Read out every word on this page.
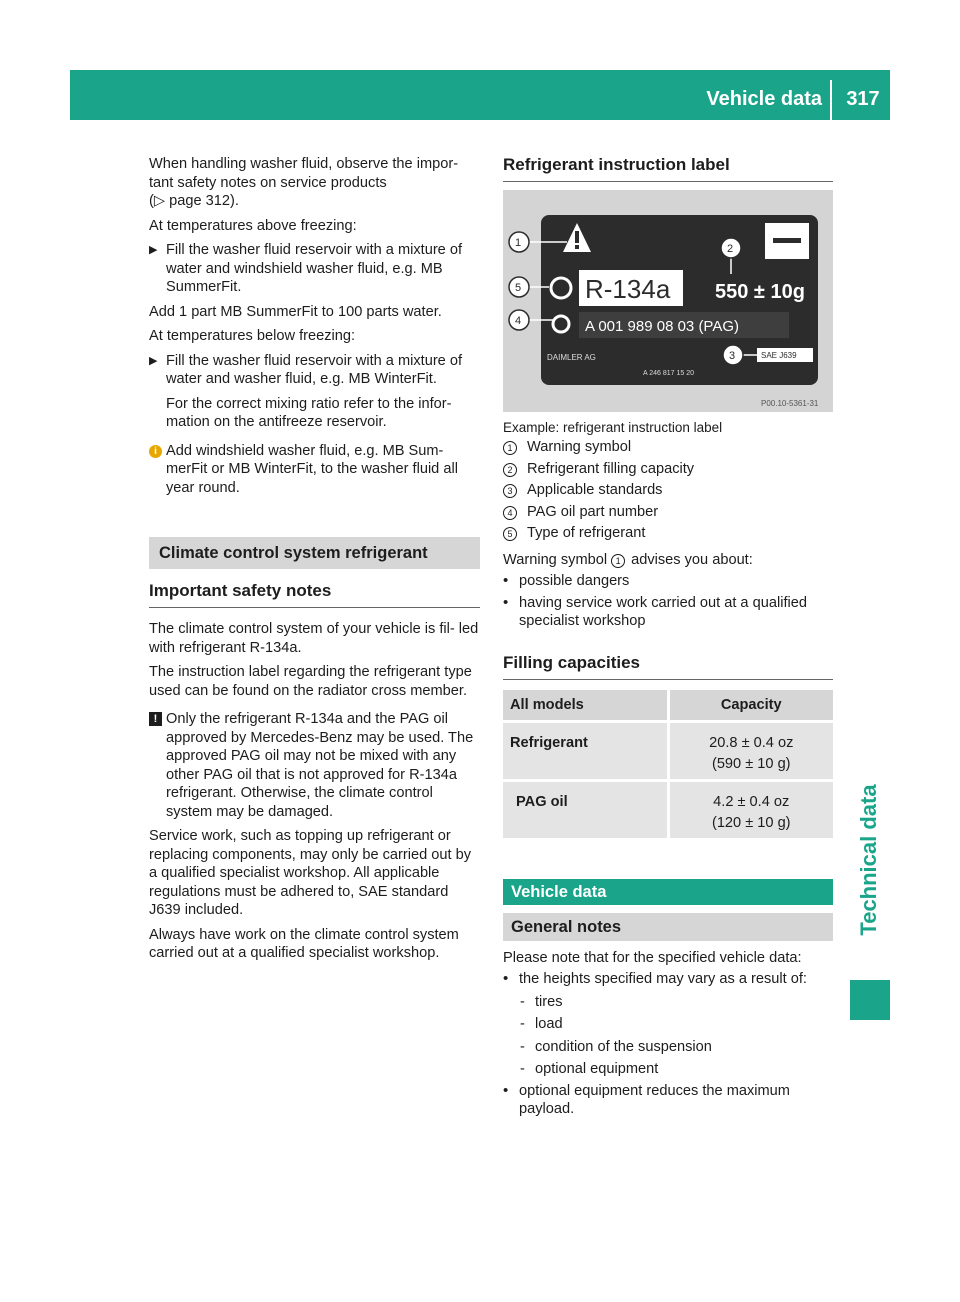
Vehicle data	317
Technical data

When handling washer fluid, observe the impor- tant safety notes on service products
(▷ page 312).

At temperatures above freezing:

▶ Fill the washer fluid reservoir with a mixture of water and windshield washer fluid, e.g. MB SummerFit.

Add 1 part MB SummerFit to 100 parts water.

At temperatures below freezing:

▶ Fill the washer fluid reservoir with a mixture of water and washer fluid, e.g. MB WinterFit.

For the correct mixing ratio refer to the infor- mation on the antifreeze reservoir.

i Add windshield washer fluid, e.g. MB Sum- merFit or MB WinterFit, to the washer fluid all year round.
Climate control system refrigerant
Important safety notes

The climate control system of your vehicle is fil- led with refrigerant R-134a.

The instruction label regarding the refrigerant type used can be found on the radiator cross member.

! Only the refrigerant R-134a and the PAG oil approved by Mercedes-Benz may be used. The approved PAG oil may not be mixed with any other PAG oil that is not approved for R-134a refrigerant. Otherwise, the climate control system may be damaged.

Service work, such as topping up refrigerant or replacing components, may only be carried out by a qualified specialist workshop. All applicable regulations must be adhered to, SAE standard J639 included.

Always have work on the climate control system carried out at a qualified specialist workshop.

Refrigerant instruction label
R-134a 550 ± 10g
A 001 989 08 03 (PAG)
DAIMLER AG
A 246 817 15 20
SAE J639
1	2
3
4
5
P00.10-5361-31
Example: refrigerant instruction label
1 Warning symbol
2 Refrigerant filling capacity
3 Applicable standards
4 PAG oil part number
5 Type of refrigerant

Warning symbol 1 advises you about:

• possible dangers
• having service work carried out at a qualified specialist workshop
Filling capacities
All models	Capacity
Refrigerant	20.8 ± 0.4 oz
(590 ± 10 g)
PAG oil	4.2 ± 0.4 oz
(120 ± 10 g)
Vehicle data
General notes

Please note that for the specified vehicle data:

• the heights specified may vary as a result of:
- tires
- load
- condition of the suspension
- optional equipment
• optional equipment reduces the maximum payload.
